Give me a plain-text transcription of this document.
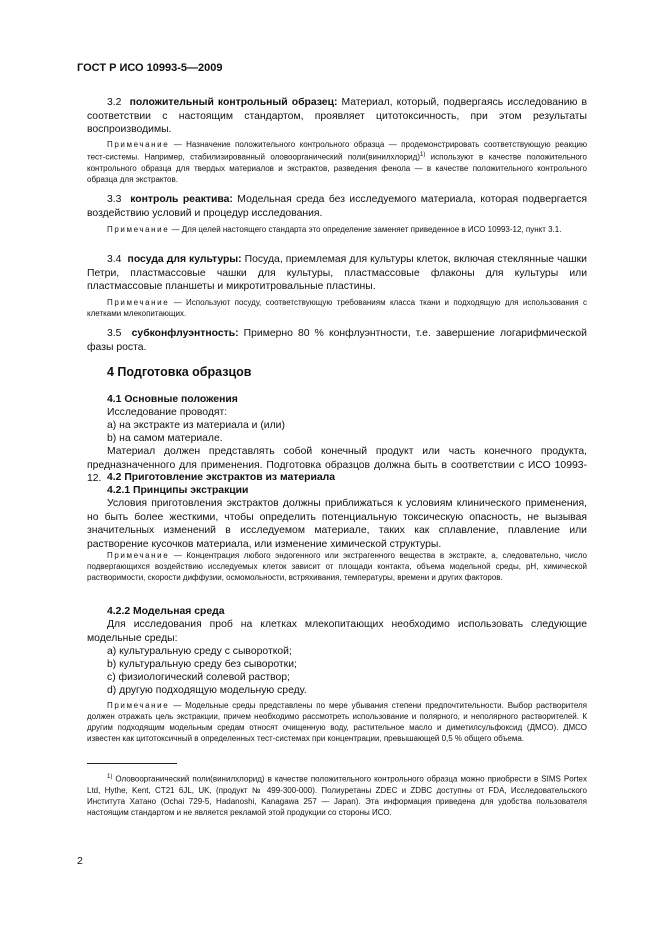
ГОСТ Р ИСО 10993-5—2009
3.2 положительный контрольный образец: Материал, который, подвергаясь исследованию в соответствии с настоящим стандартом, проявляет цитотоксичность, при этом результаты воспроизводимы.
Примечание — Назначение положительного контрольного образца — продемонстрировать соответствующую реакцию тест-системы. Например, стабилизированный оловоорганический поли(винилхлорид)$^{1)}$ используют в качестве положительного контрольного образца для твердых материалов и экстрактов, разведения фенола — в качестве положительного контрольного образца для экстрактов.
3.3 контроль реактива: Модельная среда без исследуемого материала, которая подвергается воздействию условий и процедур исследования.
Примечание — Для целей настоящего стандарта это определение заменяет приведенное в ИСО 10993-12, пункт 3.1.
3.4 посуда для культуры: Посуда, приемлемая для культуры клеток, включая стеклянные чашки Петри, пластмассовые чашки для культуры, пластмассовые флаконы для культуры или пластмассовые планшеты и микротитровальные пластины.
Примечание — Используют посуду, соответствующую требованиям класса ткани и подходящую для использования с клетками млекопитающих.
3.5 субконфлуэнтность: Примерно 80 % конфлуэнтности, т.е. завершение логарифмической фазы роста.
4 Подготовка образцов
4.1 Основные положения
Исследование проводят:
a) на экстракте из материала и (или)
b) на самом материале.
Материал должен представлять собой конечный продукт или часть конечного продукта, предназначенного для применения. Подготовка образцов должна быть в соответствии с ИСО 10993-12. 4.2 Приготовление экстрактов из материала
4.2.1 Принципы экстракции
Условия приготовления экстрактов должны приближаться к условиям клинического применения, но быть более жесткими, чтобы определить потенциальную токсическую опасность, не вызывая значительных изменений в исследуемом материале, таких как сплавление, плавление или растворение кусочков материала, или изменение химической структуры.
Примечание — Концентрация любого эндогенного или экстрагенного вещества в экстракте, а, следовательно, число подвергающихся воздействию исследуемых клеток зависит от площади контакта, объема модельной среды, pH, химической растворимости, скорости диффузии, осмомольности, встряхивания, температуры, времени и других факторов.
4.2.2 Модельная среда
Для исследования проб на клетках млекопитающих необходимо использовать следующие модельные среды:
a) культуральную среду с сывороткой;
b) культуральную среду без сыворотки;
c) физиологический солевой раствор;
d) другую подходящую модельную среду.
Примечание — Модельные среды представлены по мере убывания степени предпочтительности. Выбор растворителя должен отражать цель экстракции, причем необходимо рассмотреть использование и полярного, и неполярного растворителей. К другим подходящим модельным средам относят очищенную воду, растительное масло и диметилсульфоксид (ДМСО). ДМСО известен как цитотоксичный в определенных тест-системах при концентрации, превышающей 0,5 % общего объема.
$^{1)}$ Оловоорганический поли(винилхлорид) в качестве положительного контрольного образца можно приобрести в SIMS Portex Ltd, Hythe, Kent, CT21 6JL, UK, (продукт № 499-300-000). Полиуретаны ZDEC и ZDBC доступны от FDA, Исследовательского Института Хатано (Ochai 729-5, Hadanoshi, Kanagawa 257 — Japan). Эта информация приведена для удобства пользователя настоящим стандартом и не является рекламой этой продукции со стороны ИСО.
2
